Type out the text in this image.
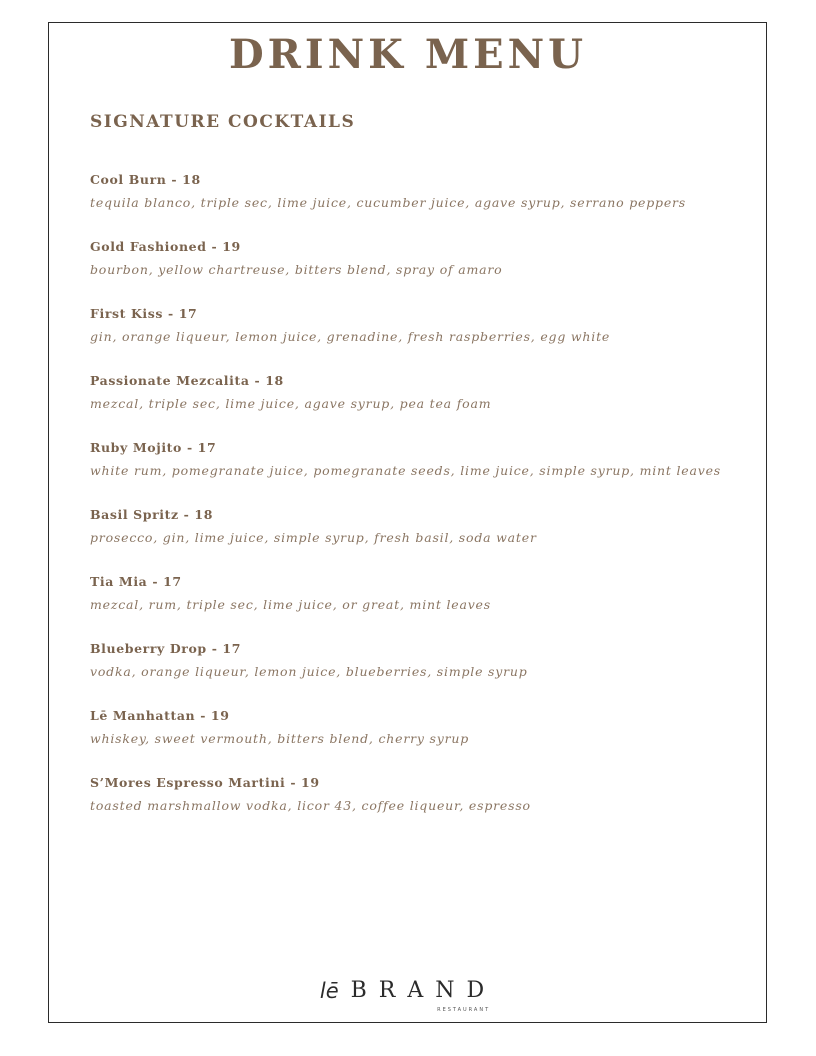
DRINK MENU
SIGNATURE COCKTAILS
Cool Burn - 18
tequila blanco, triple sec, lime juice, cucumber juice, agave syrup, serrano peppers
Gold Fashioned - 19
bourbon, yellow chartreuse, bitters blend, spray of amaro
First Kiss - 17
gin, orange liqueur, lemon juice, grenadine, fresh raspberries, egg white
Passionate Mezcalita - 18
mezcal, triple sec, lime juice, agave syrup, pea tea foam
Ruby Mojito - 17
white rum, pomegranate juice, pomegranate seeds, lime juice, simple syrup, mint leaves
Basil Spritz - 18
prosecco, gin, lime juice, simple syrup, fresh basil, soda water
Tia Mia - 17
mezcal, rum, triple sec, lime juice, or great, mint leaves
Blueberry Drop - 17
vodka, orange liqueur, lemon juice, blueberries, simple syrup
Lē Manhattan - 19
whiskey, sweet vermouth, bitters blend, cherry syrup
S’Mores Espresso Martini - 19
toasted marshmallow vodka, licor 43, coffee liqueur, espresso
lē BRAND
RESTAURANT
